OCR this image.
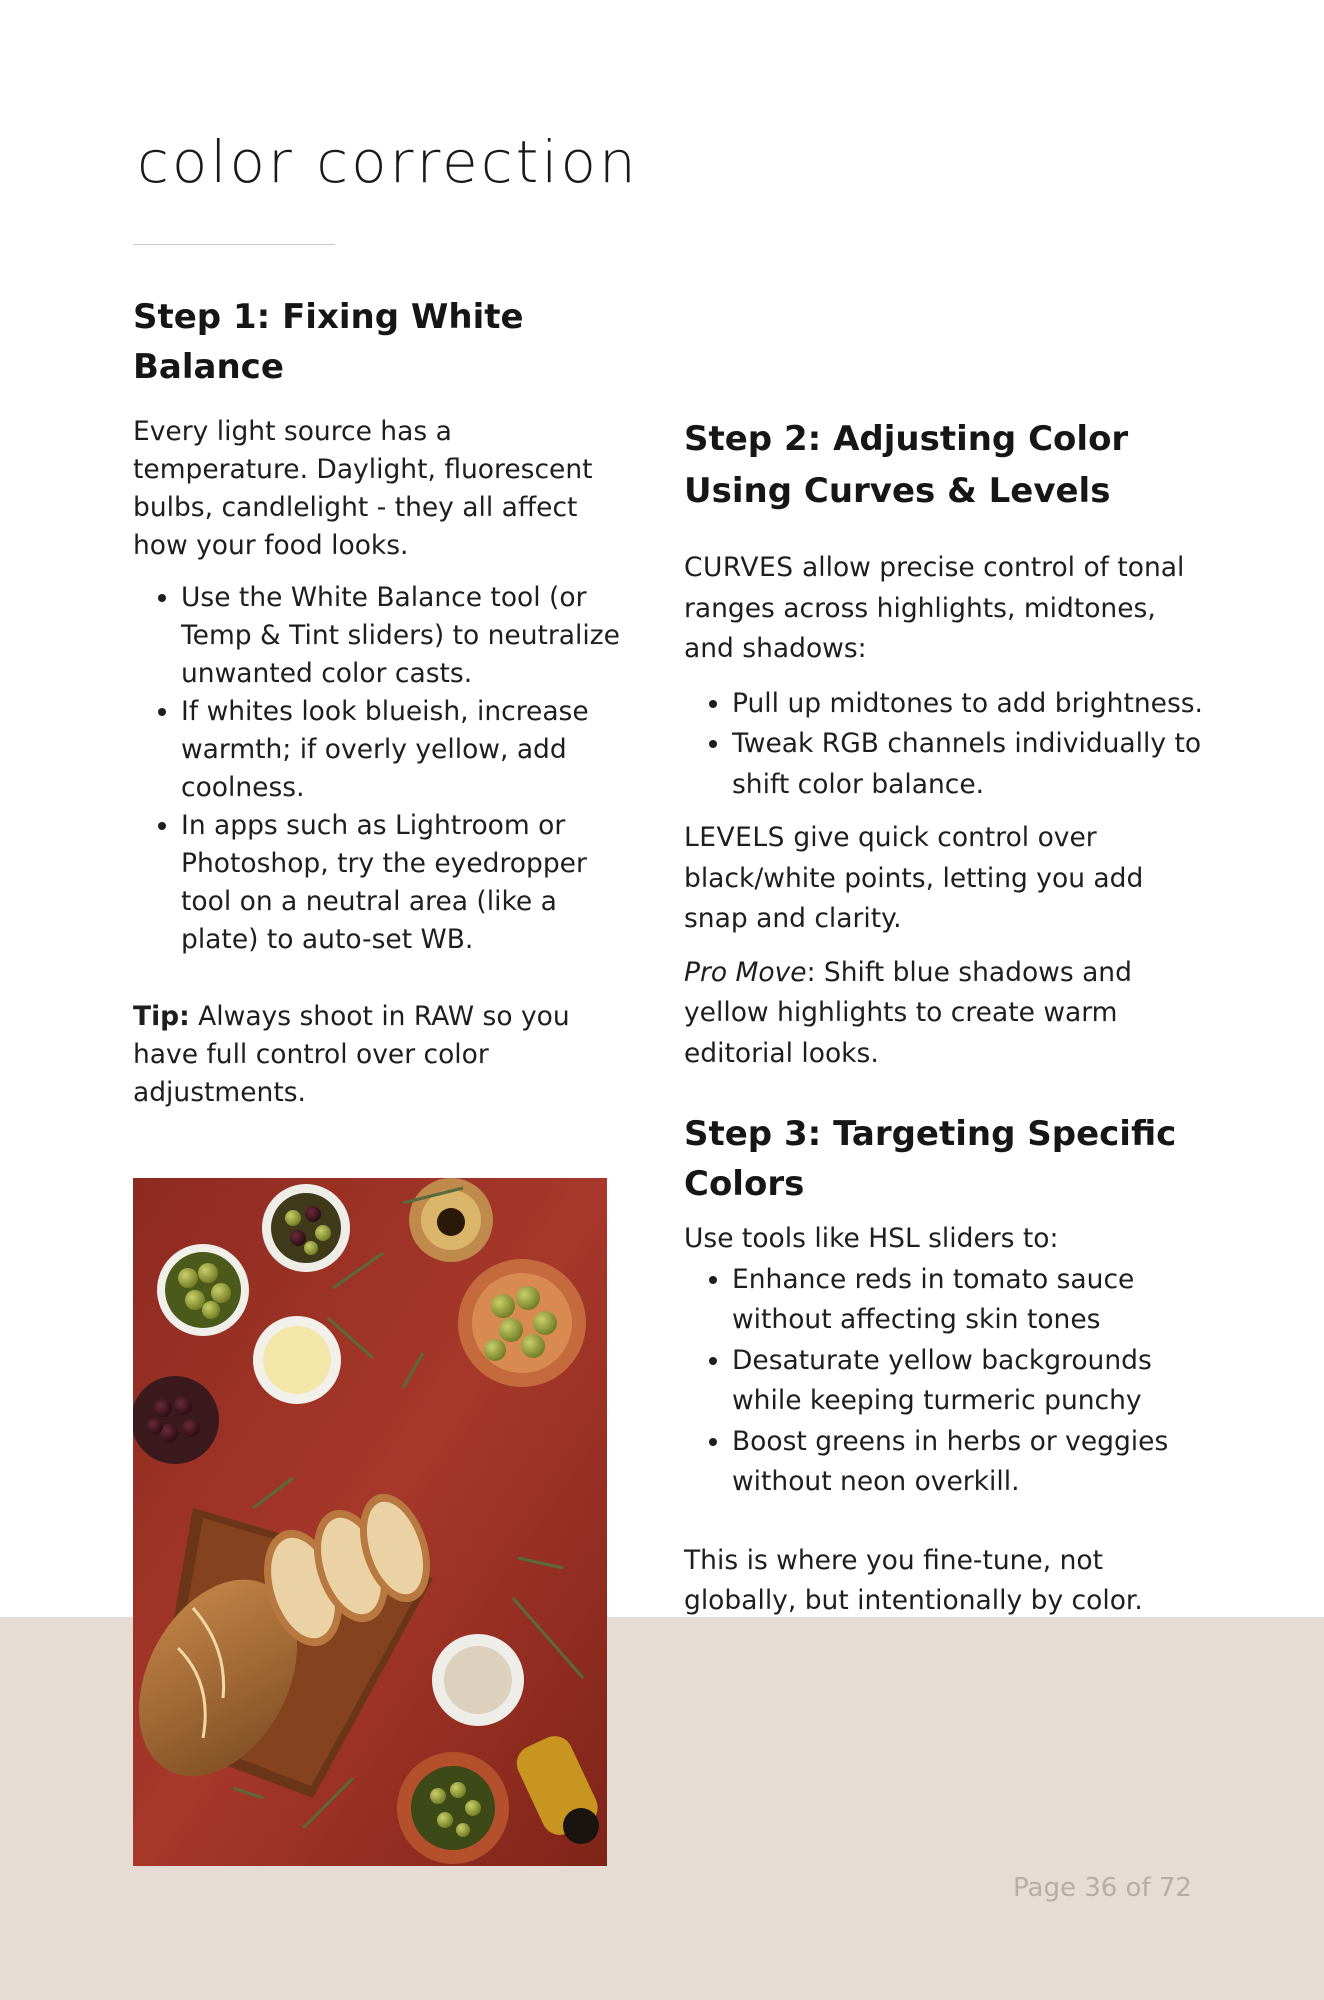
color correction
Step 1: Fixing White Balance

Every light source has a temperature. Daylight, fluorescent bulbs, candlelight - they all affect how your food looks.

• Use the White Balance tool (or Temp & Tint sliders) to neutralize unwanted color casts.
• If whites look blueish, increase warmth; if overly yellow, add coolness.
• In apps such as Lightroom or Photoshop, try the eyedropper tool on a neutral area (like a plate) to auto-set WB.

Tip: Always shoot in RAW so you have full control over color adjustments.

Step 2: Adjusting Color Using Curves & Levels

CURVES allow precise control of tonal ranges across highlights, midtones, and shadows:

• Pull up midtones to add brightness.
• Tweak RGB channels individually to shift color balance.

LEVELS give quick control over black/white points, letting you add snap and clarity.

Pro Move: Shift blue shadows and yellow highlights to create warm editorial looks.

Step 3: Targeting Specific Colors

Use tools like HSL sliders to:

• Enhance reds in tomato sauce without affecting skin tones
• Desaturate yellow backgrounds while keeping turmeric punchy
• Boost greens in herbs or veggies without neon overkill.

This is where you fine-tune, not globally, but intentionally by color.

Page 36 of 72
